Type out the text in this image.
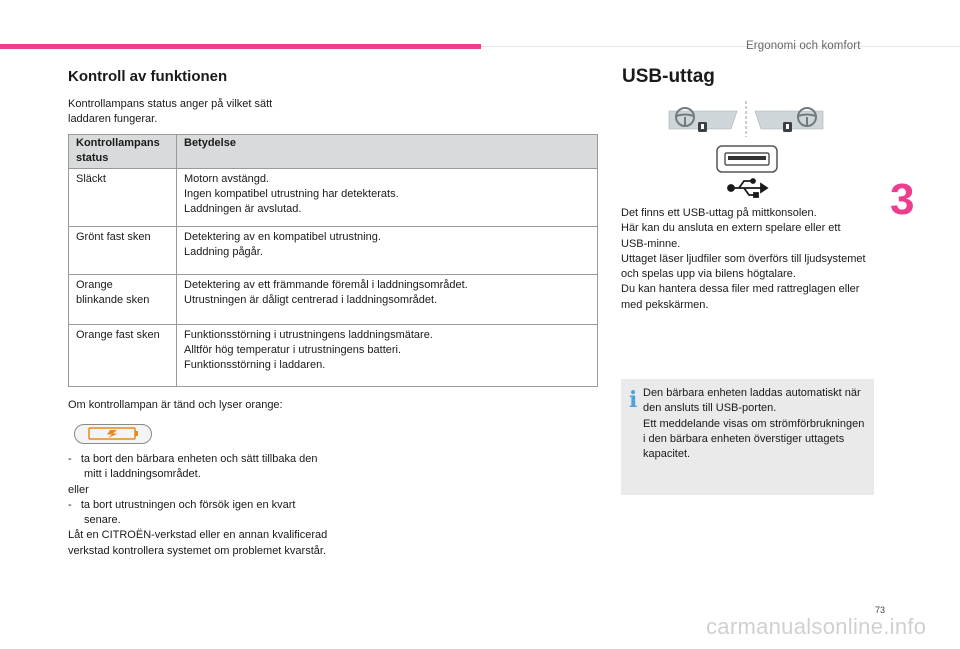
Ergonomi och komfort
3
Kontroll av funktionen
Kontrollampans status anger på vilket sätt
laddaren fungerar.
Kontrollampans status	Betydelse

Släckt	Motorn avstängd.
Ingen kompatibel utrustning har detekterats.
Laddningen är avslutad.

Grönt fast sken	Detektering av en kompatibel utrustning.
Laddning pågår.

Orange
blinkande sken	Detektering av ett främmande föremål i laddningsområdet.
Utrustningen är dåligt centrerad i laddningsområdet.

Orange fast sken	Funktionsstörning i utrustningens laddningsmätare.
Alltför hög temperatur i utrustningens batteri.
Funktionsstörning i laddaren.
Om kontrollampan är tänd och lyser orange:
-   ta bort den bärbara enheten och sätt tillbaka den mitt i laddningsområdet.
eller
-   ta bort utrustningen och försök igen en kvart senare.
Låt en CITROËN-verkstad eller en annan kvalificerad verkstad kontrollera systemet om problemet kvarstår.
USB-uttag
Det finns ett USB-uttag på mittkonsolen.
Här kan du ansluta en extern spelare eller ett USB-minne.
Uttaget läser ljudfiler som överförs till ljudsystemet och spelas upp via bilens högtalare.
Du kan hantera dessa filer med rattreglagen eller med pekskärmen.
i Den bärbara enheten laddas automatiskt när den ansluts till USB-porten.
Ett meddelande visas om strömförbrukningen i den bärbara enheten överstiger uttagets kapacitet.
73
carmanualsonline.info
